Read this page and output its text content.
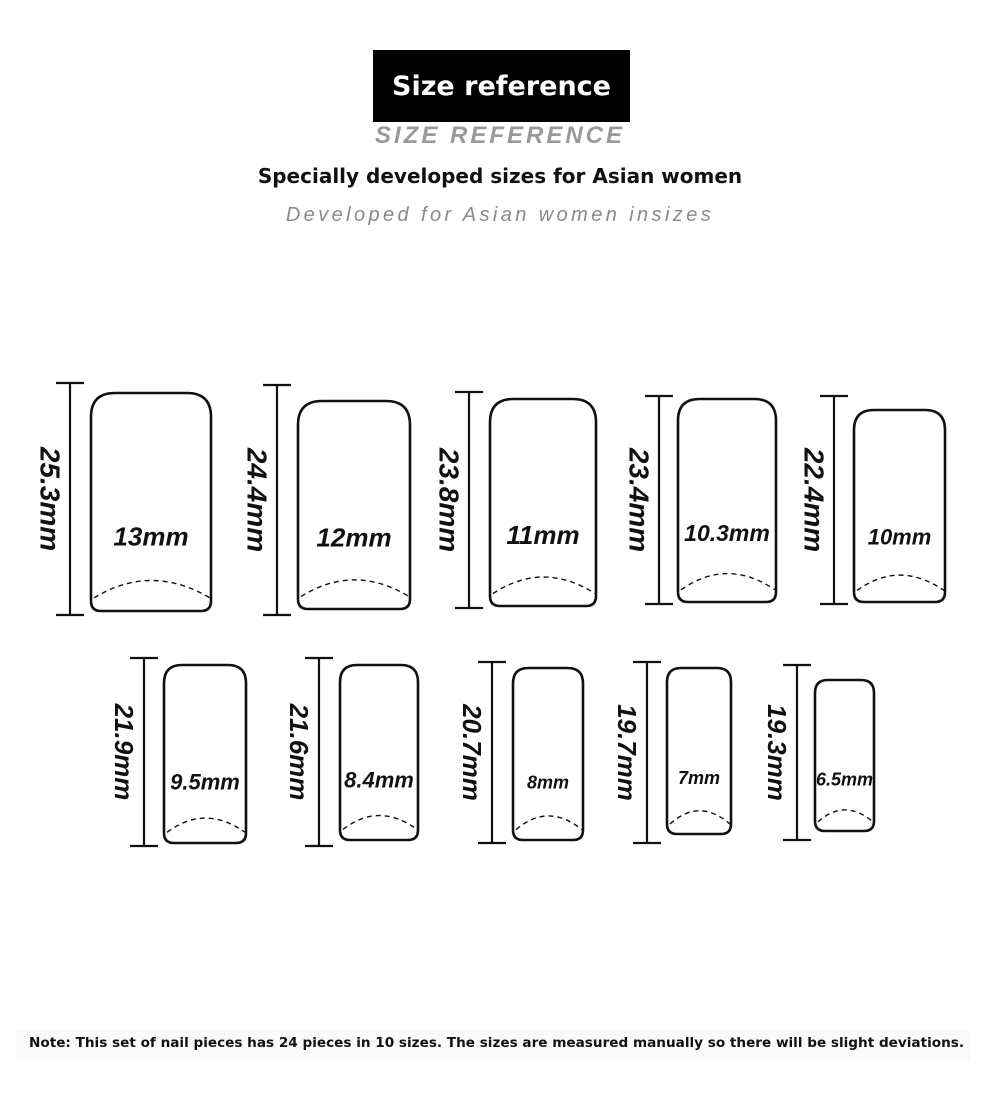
Size reference
SIZE REFERENCE
Specially developed sizes for Asian women
Developed for Asian women insizes
25.3mm 13mm 24.4mm 12mm 23.8mm 11mm 23.4mm 10.3mm 22.4mm 10mm
21.9mm 9.5mm 21.6mm 8.4mm 20.7mm 8mm 19.7mm 7mm 19.3mm 6.5mm
Note: This set of nail pieces has 24 pieces in 10 sizes. The sizes are measured manually so there will be slight deviations.
